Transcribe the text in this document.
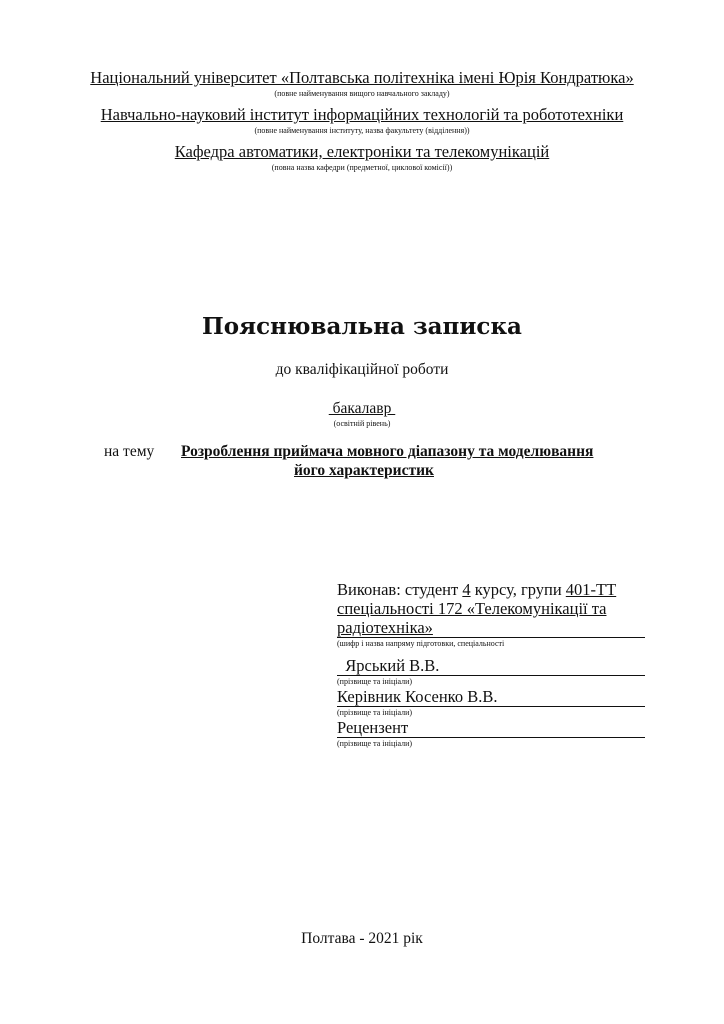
Національний університет «Полтавська політехніка імені Юрія Кондратюка»
(повне найменування вищого навчального закладу)
Навчально-науковий інститут інформаційних технологій та робототехніки
(повне найменування інституту, назва факультету (відділення))
Кафедра автоматики, електроніки та телекомунікацій
(повна назва кафедри (предметної, циклової комісії))
Пояснювальна записка
до кваліфікаційної роботи
бакалавр
(освітній рівень)
на тему Розроблення приймача мовного діапазону та моделювання
його характеристик
Виконав: студент 4 курсу, групи 401-ТТ
спеціальності 172 «Телекомунікації та
радіотехніка»
(шифр і назва напряму підготовки, спеціальності
Ярський В.В.
(прізвище та ініціали)
Керівник Косенко В.В.
(прізвище та ініціали)
Рецензент
(прізвище та ініціали)
Полтава - 2021 рік
